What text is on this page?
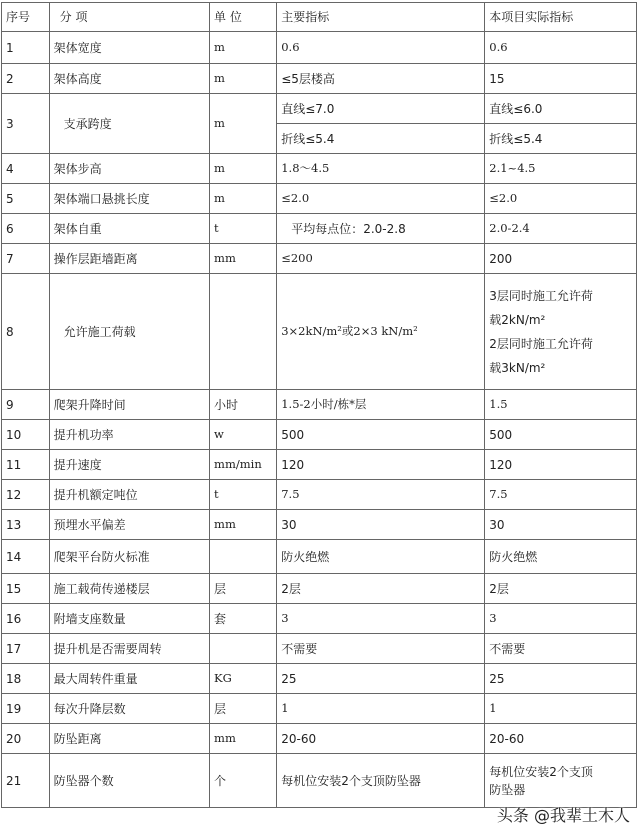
序号	分 项	单 位	主要指标	本项目实际指标
1	架体宽度	m	0.6	0.6
2	架体高度	m	≤5层楼高	15
3	支承跨度	m	直线≤7.0	直线≤6.0
			折线≤5.4	折线≤5.4
4	架体步高	m	1.8～4.5	2.1~4.5
5	架体端口悬挑长度	m	≤2.0	≤2.0
6	架体自重	t	平均每点位：2.0-2.8	2.0-2.4
7	操作层距墙距离	mm	≤200	200
8	允许施工荷载		3×2kN/m²或2×3 kN/m²	3层同时施工允许荷
载2kN/m²
2层同时施工允许荷
载3kN/m²

9	爬架升降时间	小时	1.5-2小时/栋*层	1.5
10	提升机功率	w	500	500
11	提升速度	mm/min	120	120
12	提升机额定吨位	t	7.5	7.5
13	预埋水平偏差	mm	30	30
14	爬架平台防火标准		防火绝燃	防火绝燃
15	施工载荷传递楼层	层	2层	2层
16	附墙支座数量	套	3	3
17	提升机是否需要周转		不需要	不需要
18	最大周转件重量	KG	25	25
19	每次升降层数	层	1	1
20	防坠距离	mm	20-60	20-60
21	防坠器个数	个	每机位安装2个支顶防坠器	每机位安装2个支顶
防坠器
头条 @我辈土木人
